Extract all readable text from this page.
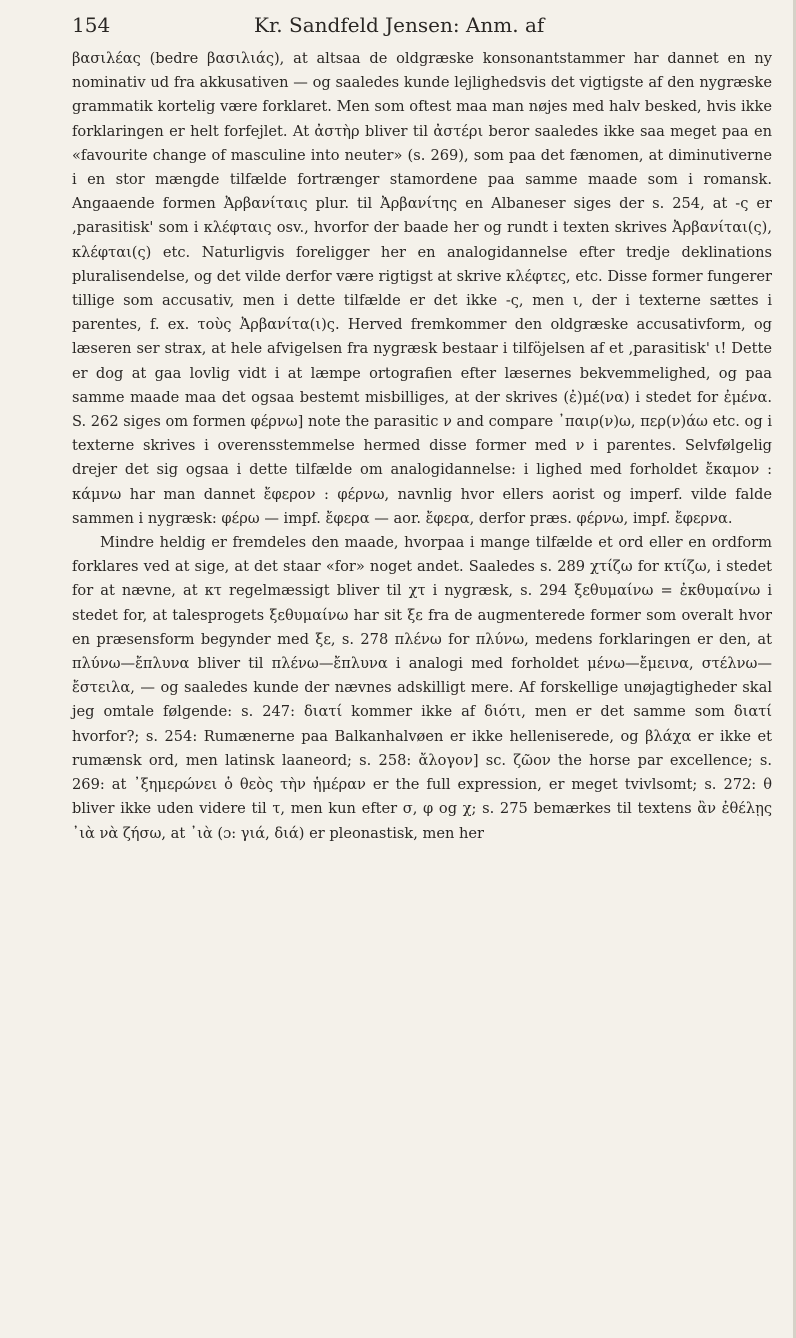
154	Kr. Sandfeld Jensen: Anm. af

βασιλέας (bedre βασιλιάς), at altsaa de oldgræske konsonantstammer har dannet en ny nominativ ud fra akkusativen — og saaledes kunde lejlighedsvis det vigtigste af den nygræske grammatik kortelig være forklaret. Men som oftest maa man nøjes med halv besked, hvis ikke forklaringen er helt forfejlet. At ἀστὴρ bliver til ἀστέρι beror saaledes ikke saa meget paa en «favourite change of masculine into neuter» (s. 269), som paa det fænomen, at diminutiverne i en stor mængde tilfælde fortrænger stamordene paa samme maade som i romansk. Angaaende formen Ἀρβανίταις plur. til Ἀρβανίτης en Albaneser siges der s. 254, at -ς er ‚parasitisk' som i κλέφταις osv., hvorfor der baade her og rundt i texten skrives Ἀρβανίται(ς), κλέφται(ς) etc. Naturligvis foreligger her en analogidannelse efter tredje deklinations pluralisendelse, og det vilde derfor være rigtigst at skrive κλέφτες, etc. Disse former fungerer tillige som accusativ, men i dette tilfælde er det ikke -ς, men ι, der i texterne sættes i parentes, f. ex. τοὺς Ἀρβανίτα(ι)ς. Herved fremkommer den oldgræske accusativform, og læseren ser strax, at hele afvigelsen fra nygræsk bestaar i tilföjelsen af et ‚parasitisk' ι! Dette er dog at gaa lovlig vidt i at læmpe ortografien efter læsernes bekvemmelighed, og paa samme maade maa det ogsaa bestemt misbilliges, at der skrives (ἐ)μέ(να) i stedet for ἐμένα. S. 262 siges om formen φέρνω] note the parasitic ν and compare ᾽παιρ(ν)ω, περ(ν)άω etc. og i texterne skrives i overensstemmelse hermed disse former med ν i parentes. Selvfølgelig drejer det sig ogsaa i dette tilfælde om analogidannelse: i lighed med forholdet ἔκαμον : κάμνω har man dannet ἔφερον : φέρνω, navnlig hvor ellers aorist og imperf. vilde falde sammen i nygræsk: φέρω — impf. ἔφερα — aor. ἔφερα, derfor præs. φέρνω, impf. ἔφερνα.

Mindre heldig er fremdeles den maade, hvorpaa i mange tilfælde et ord eller en ordform forklares ved at sige, at det staar «for» noget andet. Saaledes s. 289 χτίζω for κτίζω, i stedet for at nævne, at κτ regelmæssigt bliver til χτ i nygræsk, s. 294 ξεθυμαίνω = ἐκθυμαίνω i stedet for, at talesprogets ξεθυμαίνω har sit ξε fra de augmenterede former som overalt hvor en præsensform begynder med ξε, s. 278 πλένω for πλύνω, medens forklaringen er den, at πλύνω—ἔπλυνα bliver til πλένω—ἔπλυνα i analogi med forholdet μένω—ἔμεινα, στέλνω—ἔστειλα, — og saaledes kunde der nævnes adskilligt mere. Af forskellige unøjagtigheder skal jeg omtale følgende: s. 247: διατί kommer ikke af διότι, men er det samme som διατί hvorfor?; s. 254: Rumænerne paa Balkanhalvøen er ikke helleniserede, og βλάχα er ikke et rumænsk ord, men latinsk laaneord; s. 258: ἄλογον] sc. ζῶον the horse par excellence; s. 269: at ᾽ξημερώνει ὁ θεὸς τὴν ἡμέραν er the full expression, er meget tvivlsomt; s. 272: θ bliver ikke uden videre til τ, men kun efter σ, φ og χ; s. 275 bemærkes til textens ἂν ἐθέλῃς ᾽ιὰ νὰ ζήσω, at ᾽ιὰ (ɔ: γιά, διά) er pleonastisk, men her
